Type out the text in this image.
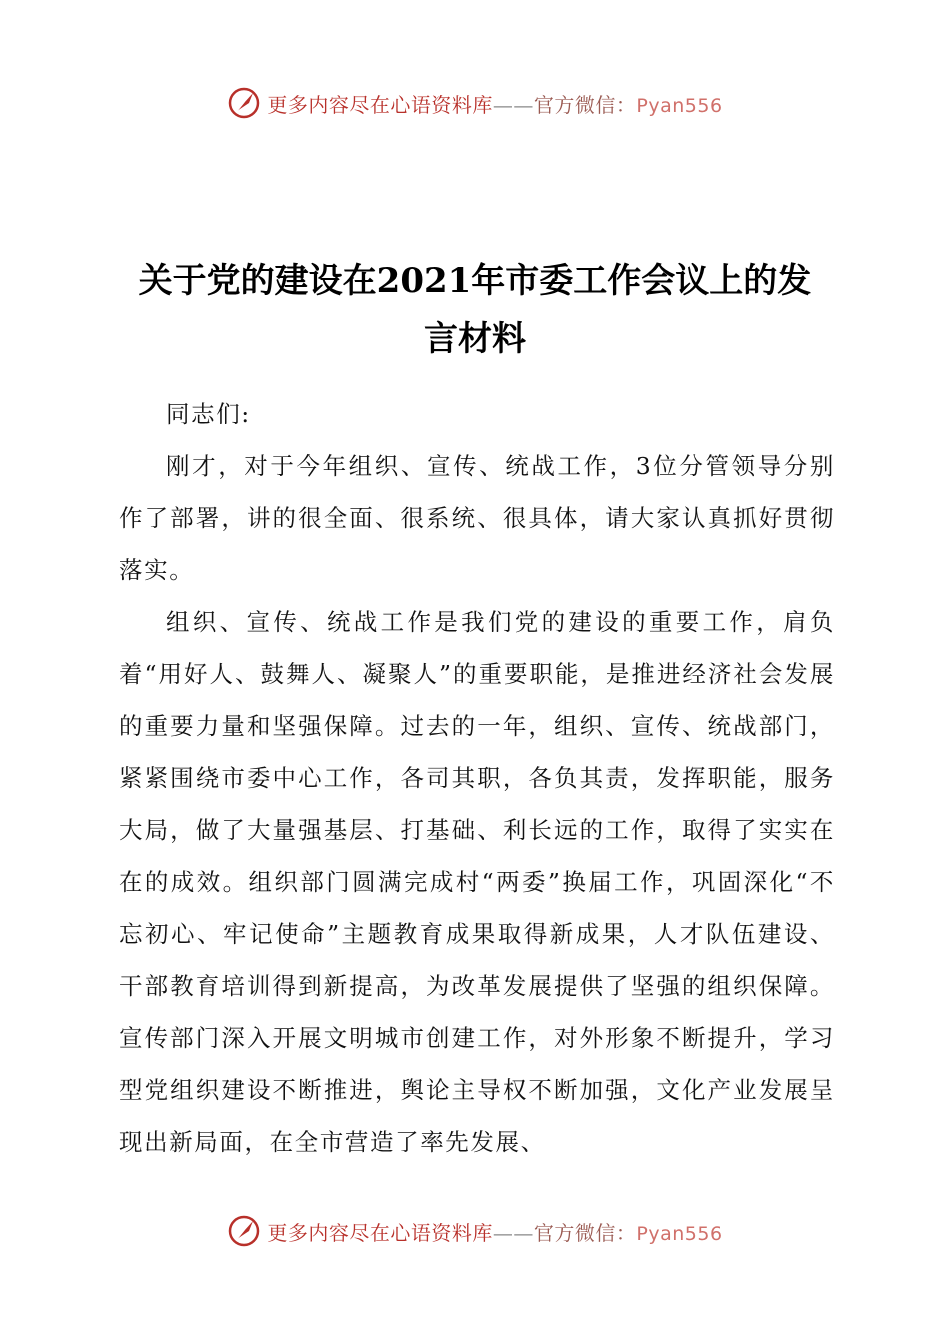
更多内容尽在心语资料库——官方微信：Pyan556
关于党的建设在2021年市委工作会议上的发
言材料

同志们:

刚才，对于今年组织、宣传、统战工作，3位分管领导分别作了部署，讲的很全面、很系统、很具体，请大家认真抓好贯彻落实。

组织、宣传、统战工作是我们党的建设的重要工作，肩负着“用好人、鼓舞人、凝聚人”的重要职能，是推进经济社会发展的重要力量和坚强保障。过去的一年，组织、宣传、统战部门，紧紧围绕市委中心工作，各司其职，各负其责，发挥职能，服务大局，做了大量强基层、打基础、利长远的工作，取得了实实在在的成效。组织部门圆满完成村“两委”换届工作，巩固深化“不忘初心、牢记使命”主题教育成果取得新成果，人才队伍建设、干部教育培训得到新提高，为改革发展提供了坚强的组织保障。宣传部门深入开展文明城市创建工作，对外形象不断提升，学习型党组织建设不断推进，舆论主导权不断加强，文化产业发展呈现出新局面，在全市营造了率先发展、

更多内容尽在心语资料库——官方微信：Pyan556
